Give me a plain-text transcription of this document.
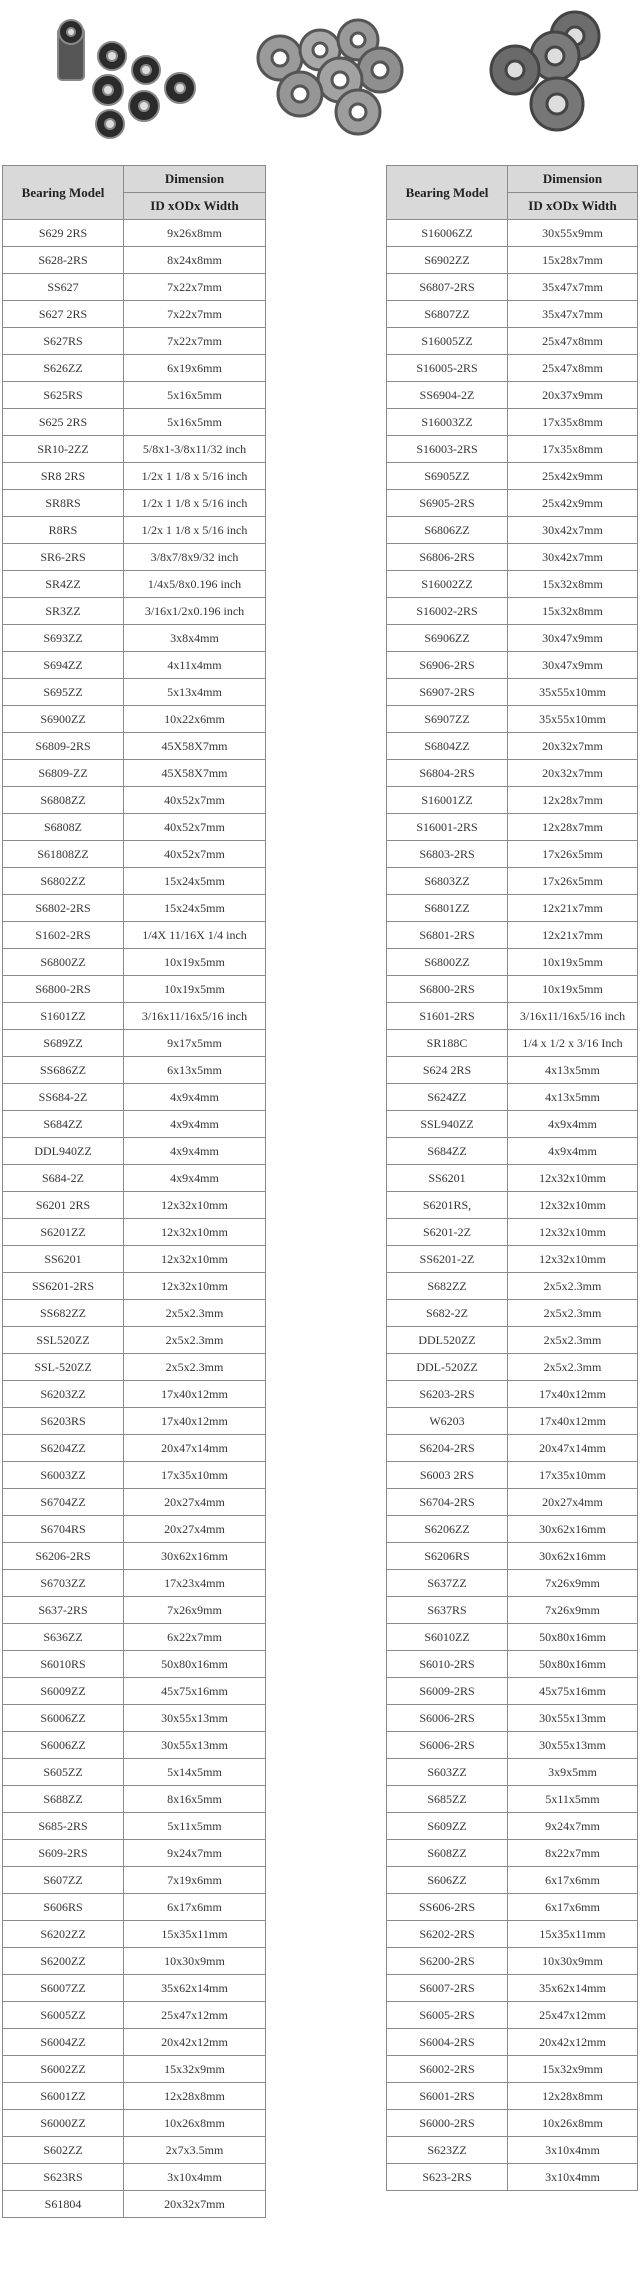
Bearing Model	Dimension
	ID xODx Width
S629 2RS	9x26x8mm
S628-2RS	8x24x8mm
SS627	7x22x7mm
S627 2RS	7x22x7mm
S627RS	7x22x7mm
S626ZZ	6x19x6mm
S625RS	5x16x5mm
S625 2RS	5x16x5mm
SR10-2ZZ	5/8x1-3/8x11/32 inch
SR8 2RS	1/2x 1 1/8 x 5/16 inch
SR8RS	1/2x 1 1/8 x 5/16 inch
R8RS	1/2x 1 1/8 x 5/16 inch
SR6-2RS	3/8x7/8x9/32 inch
SR4ZZ	1/4x5/8x0.196 inch
SR3ZZ	3/16x1/2x0.196 inch
S693ZZ	3x8x4mm
S694ZZ	4x11x4mm
S695ZZ	5x13x4mm
S6900ZZ	10x22x6mm
S6809-2RS	45X58X7mm
S6809-ZZ	45X58X7mm
S6808ZZ	40x52x7mm
S6808Z	40x52x7mm
S61808ZZ	40x52x7mm
S6802ZZ	15x24x5mm
S6802-2RS	15x24x5mm
S1602-2RS	1/4X 11/16X 1/4 inch
S6800ZZ	10x19x5mm
S6800-2RS	10x19x5mm
S1601ZZ	3/16x11/16x5/16 inch
S689ZZ	9x17x5mm
SS686ZZ	6x13x5mm
SS684-2Z	4x9x4mm
S684ZZ	4x9x4mm
DDL940ZZ	4x9x4mm
S684-2Z	4x9x4mm
S6201 2RS	12x32x10mm
S6201ZZ	12x32x10mm
SS6201	12x32x10mm
SS6201-2RS	12x32x10mm
SS682ZZ	2x5x2.3mm
SSL520ZZ	2x5x2.3mm
SSL-520ZZ	2x5x2.3mm
S6203ZZ	17x40x12mm
S6203RS	17x40x12mm
S6204ZZ	20x47x14mm
S6003ZZ	17x35x10mm
S6704ZZ	20x27x4mm
S6704RS	20x27x4mm
S6206-2RS	30x62x16mm
S6703ZZ	17x23x4mm
S637-2RS	7x26x9mm
S636ZZ	6x22x7mm
S6010RS	50x80x16mm
S6009ZZ	45x75x16mm
S6006ZZ	30x55x13mm
S6006ZZ	30x55x13mm
S605ZZ	5x14x5mm
S688ZZ	8x16x5mm
S685-2RS	5x11x5mm
S609-2RS	9x24x7mm
S607ZZ	7x19x6mm
S606RS	6x17x6mm
S6202ZZ	15x35x11mm
S6200ZZ	10x30x9mm
S6007ZZ	35x62x14mm
S6005ZZ	25x47x12mm
S6004ZZ	20x42x12mm
S6002ZZ	15x32x9mm
S6001ZZ	12x28x8mm
S6000ZZ	10x26x8mm
S602ZZ	2x7x3.5mm
S623RS	3x10x4mm
S61804	20x32x7mm
Bearing Model	Dimension
	ID xODx Width
S16006ZZ	30x55x9mm
S6902ZZ	15x28x7mm
S6807-2RS	35x47x7mm
S6807ZZ	35x47x7mm
S16005ZZ	25x47x8mm
S16005-2RS	25x47x8mm
SS6904-2Z	20x37x9mm
S16003ZZ	17x35x8mm
S16003-2RS	17x35x8mm
S6905ZZ	25x42x9mm
S6905-2RS	25x42x9mm
S6806ZZ	30x42x7mm
S6806-2RS	30x42x7mm
S16002ZZ	15x32x8mm
S16002-2RS	15x32x8mm
S6906ZZ	30x47x9mm
S6906-2RS	30x47x9mm
S6907-2RS	35x55x10mm
S6907ZZ	35x55x10mm
S6804ZZ	20x32x7mm
S6804-2RS	20x32x7mm
S16001ZZ	12x28x7mm
S16001-2RS	12x28x7mm
S6803-2RS	17x26x5mm
S6803ZZ	17x26x5mm
S6801ZZ	12x21x7mm
S6801-2RS	12x21x7mm
S6800ZZ	10x19x5mm
S6800-2RS	10x19x5mm
S1601-2RS	3/16x11/16x5/16 inch
SR188C	1/4 x 1/2 x 3/16 Inch
S624 2RS	4x13x5mm
S624ZZ	4x13x5mm
SSL940ZZ	4x9x4mm
S684ZZ	4x9x4mm
SS6201	12x32x10mm
S6201RS,	12x32x10mm
S6201-2Z	12x32x10mm
SS6201-2Z	12x32x10mm
S682ZZ	2x5x2.3mm
S682-2Z	2x5x2.3mm
DDL520ZZ	2x5x2.3mm
DDL-520ZZ	2x5x2.3mm
S6203-2RS	17x40x12mm
W6203	17x40x12mm
S6204-2RS	20x47x14mm
S6003 2RS	17x35x10mm
S6704-2RS	20x27x4mm
S6206ZZ	30x62x16mm
S6206RS	30x62x16mm
S637ZZ	7x26x9mm
S637RS	7x26x9mm
S6010ZZ	50x80x16mm
S6010-2RS	50x80x16mm
S6009-2RS	45x75x16mm
S6006-2RS	30x55x13mm
S6006-2RS	30x55x13mm
S603ZZ	3x9x5mm
S685ZZ	5x11x5mm
S609ZZ	9x24x7mm
S608ZZ	8x22x7mm
S606ZZ	6x17x6mm
SS606-2RS	6x17x6mm
S6202-2RS	15x35x11mm
S6200-2RS	10x30x9mm
S6007-2RS	35x62x14mm
S6005-2RS	25x47x12mm
S6004-2RS	20x42x12mm
S6002-2RS	15x32x9mm
S6001-2RS	12x28x8mm
S6000-2RS	10x26x8mm
S623ZZ	3x10x4mm
S623-2RS	3x10x4mm
